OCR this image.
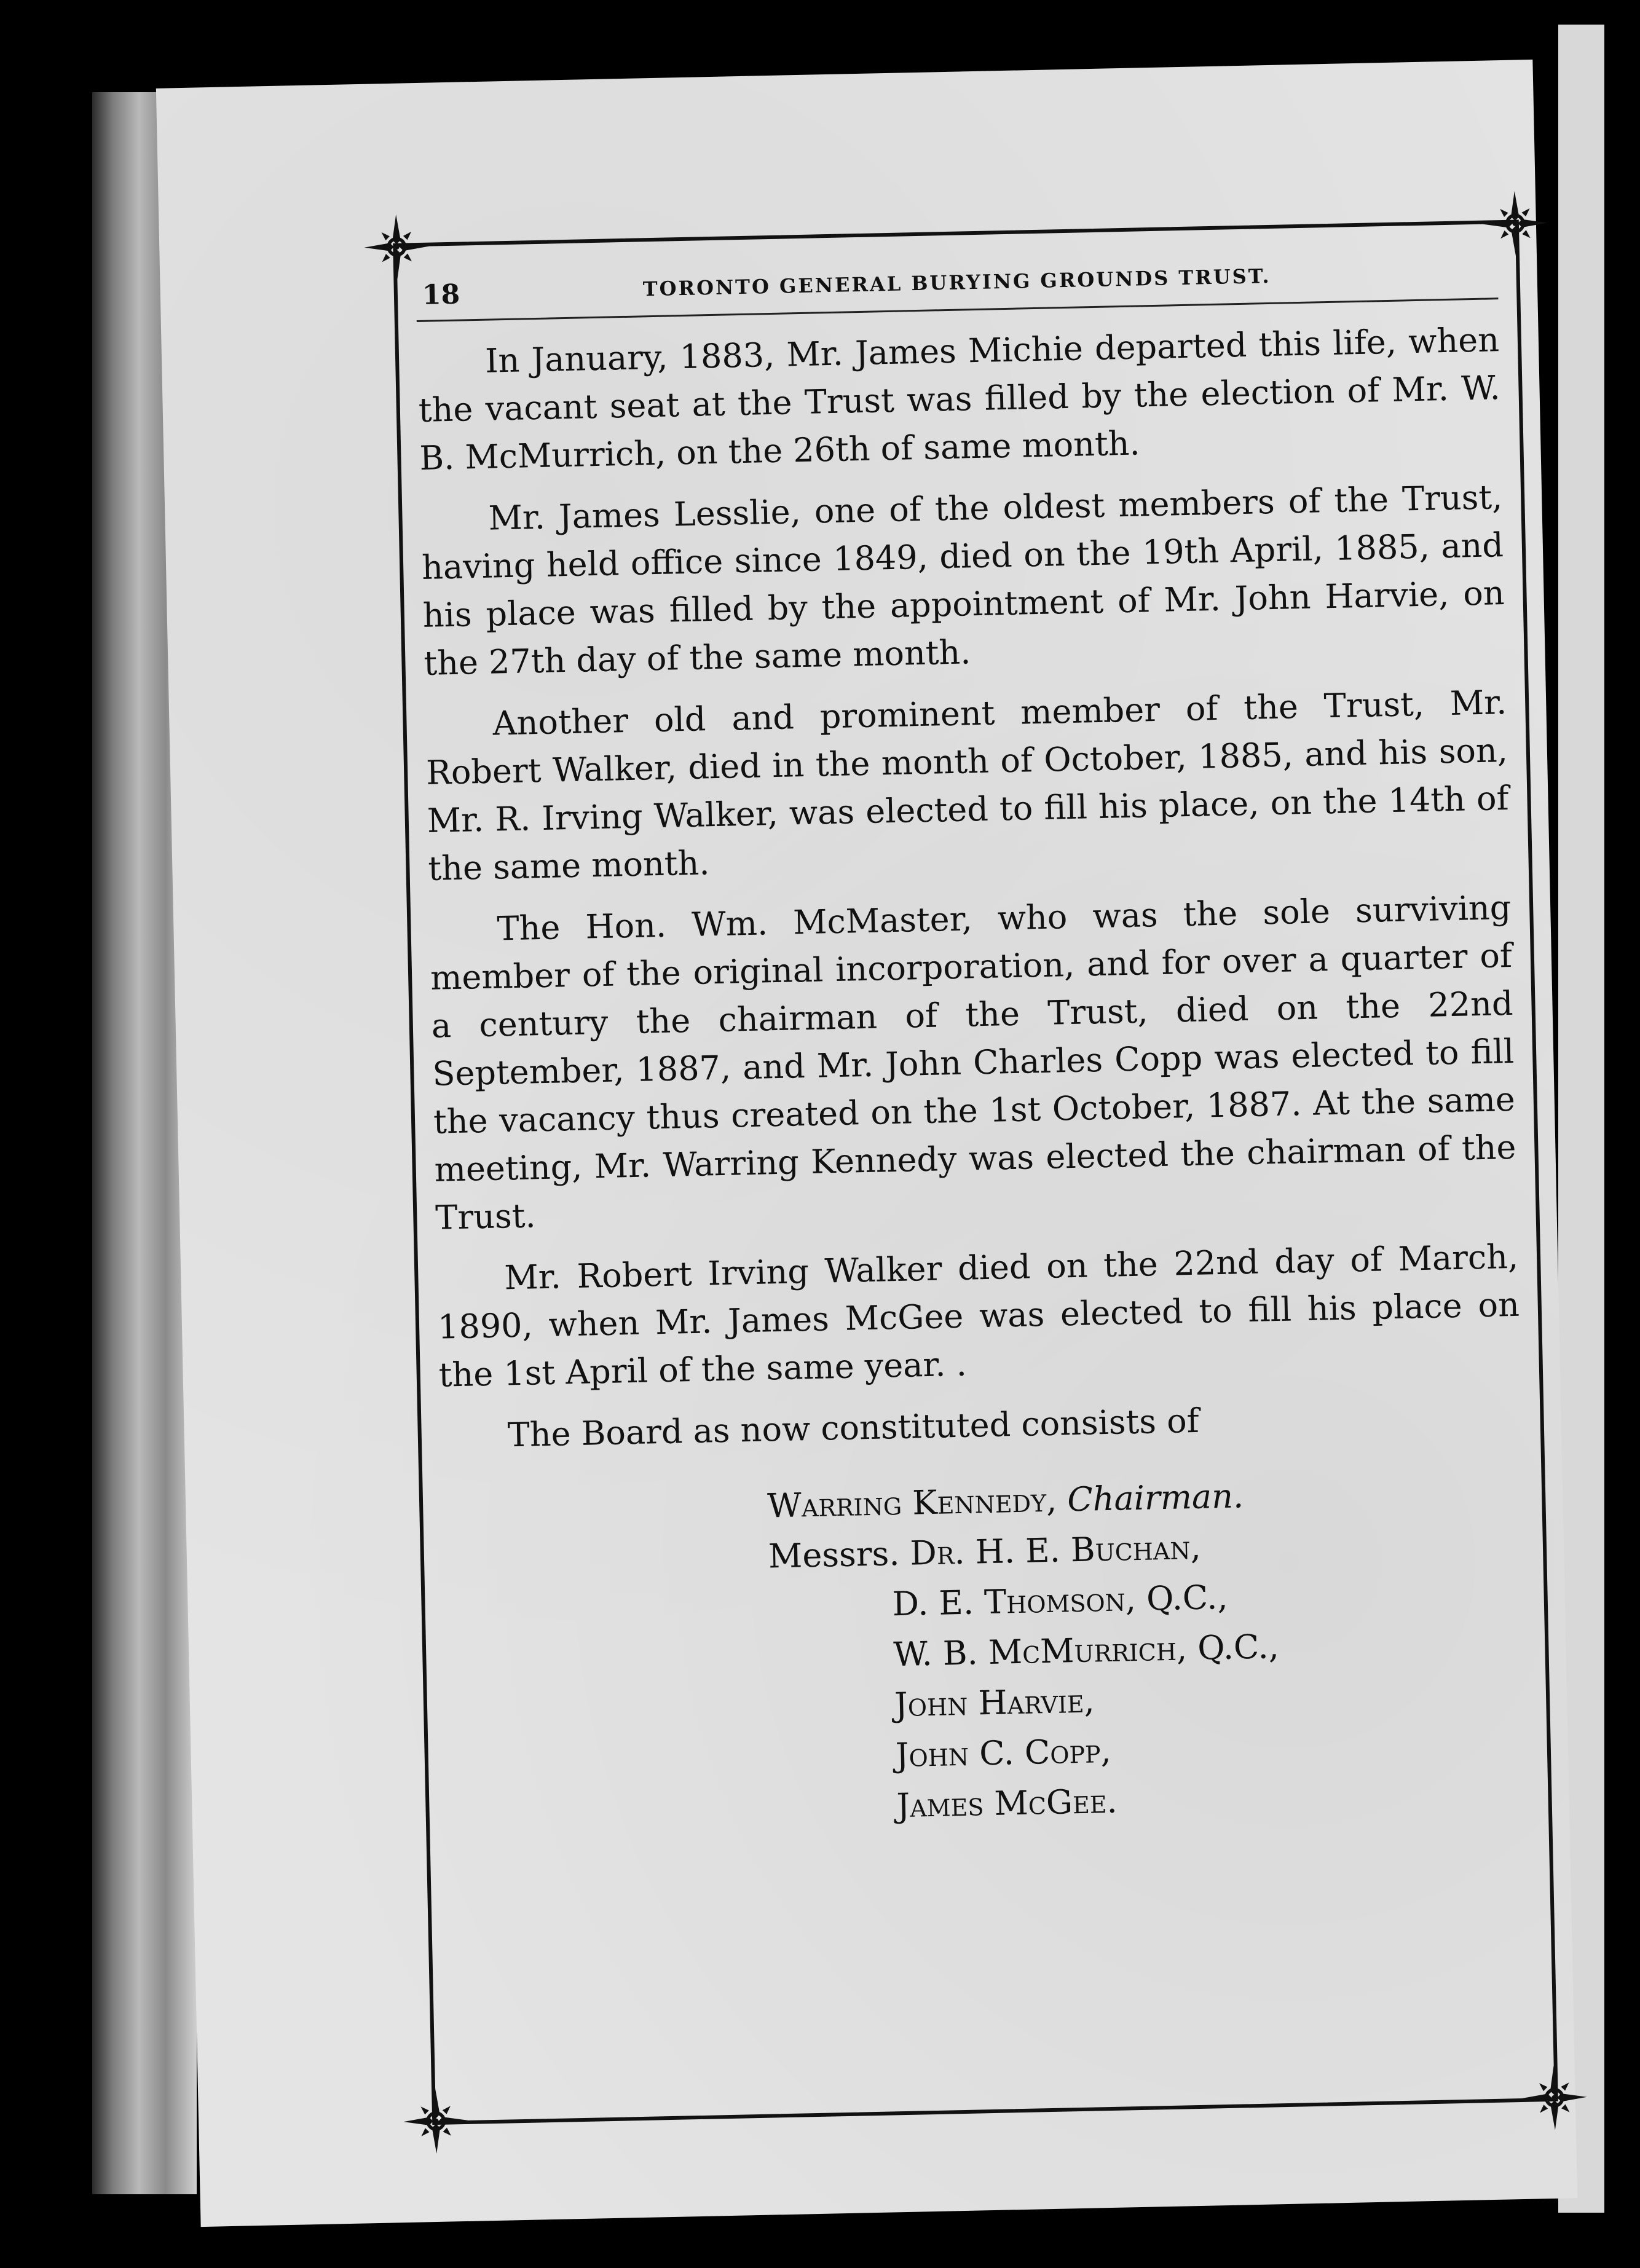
18	TORONTO GENERAL BURYING GROUNDS TRUST.

In January, 1883, Mr. James Michie departed this life, when the vacant seat at the Trust was filled by the election of Mr. W. B. McMurrich, on the 26th of same month.

Mr. James Lesslie, one of the oldest members of the Trust, having held office since 1849, died on the 19th April, 1885, and his place was filled by the appointment of Mr. John Harvie, on the 27th day of the same month.

Another old and prominent member of the Trust, Mr. Robert Walker, died in the month of October, 1885, and his son, Mr. R. Irving Walker, was elected to fill his place, on the 14th of the same month.

The Hon. Wm. McMaster, who was the sole surviving member of the original incorporation, and for over a quarter of a century the chairman of the Trust, died on the 22nd September, 1887, and Mr. John Charles Copp was elected to fill the vacancy thus created on the 1st October, 1887. At the same meeting, Mr. Warring Kennedy was elected the chairman of the Trust.

Mr. Robert Irving Walker died on the 22nd day of March, 1890, when Mr. James McGee was elected to fill his place on the 1st April of the same year. .

The Board as now constituted consists of
Warring Kennedy, Chairman.
Messrs. Dr. H. E. Buchan,
D. E. Thomson, Q.C.,
W. B. McMurrich, Q.C.,
John Harvie,
John C. Copp,
James McGee.
